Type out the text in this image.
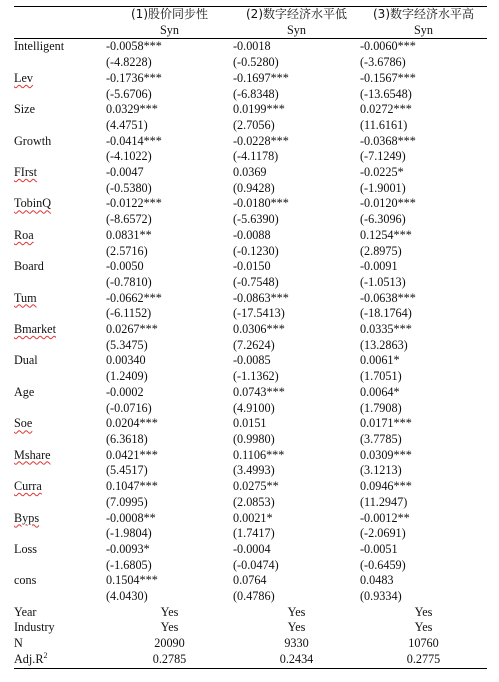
	(1)股价同步性	(2)数字经济水平低	(3)数字经济水平高
	Syn	Syn	Syn
Intelligent	-0.0058***	-0.0018	-0.0060***
	(-4.8228)	(-0.5280)	(-3.6786)
Lev	-0.1736***	-0.1697***	-0.1567***
	(-5.6706)	(-6.8348)	(-13.6548)
Size	0.0329***	0.0199***	0.0272***
	(4.4751)	(2.7056)	(11.6161)
Growth	-0.0414***	-0.0228***	-0.0368***
	(-4.1022)	(-4.1178)	(-7.1249)
FIrst	-0.0047	0.0369	-0.0225*
	(-0.5380)	(0.9428)	(-1.9001)
TobinQ	-0.0122***	-0.0180***	-0.0120***
	(-8.6572)	(-5.6390)	(-6.3096)
Roa	0.0831**	-0.0088	0.1254***
	(2.5716)	(-0.1230)	(2.8975)
Board	-0.0050	-0.0150	-0.0091
	(-0.7810)	(-0.7548)	(-1.0513)
Tum	-0.0662***	-0.0863***	-0.0638***
	(-6.1152)	(-17.5413)	(-18.1764)
Bmarket	0.0267***	0.0306***	0.0335***
	(5.3475)	(7.2624)	(13.2863)
Dual	0.00340	-0.0085	0.0061*
	(1.2409)	(-1.1362)	(1.7051)
Age	-0.0002	0.0743***	0.0064*
	(-0.0716)	(4.9100)	(1.7908)
Soe	0.0204***	0.0151	0.0171***
	(6.3618)	(0.9980)	(3.7785)
Mshare	0.0421***	0.1106***	0.0309***
	(5.4517)	(3.4993)	(3.1213)
Curra	0.1047***	0.0275**	0.0946***
	(7.0995)	(2.0853)	(11.2947)
Byps	-0.0008**	0.0021*	-0.0012**
	(-1.9804)	(1.7417)	(-2.0691)
Loss	-0.0093*	-0.0004	-0.0051
	(-1.6805)	(-0.0474)	(-0.6459)
cons	0.1504***	0.0764	0.0483
	(4.0430)	(0.4786)	(0.9334)
Year	Yes	Yes	Yes
Industry	Yes	Yes	Yes
N	20090	9330	10760
$Adj.R^2$	0.2785	0.2434	0.2775
